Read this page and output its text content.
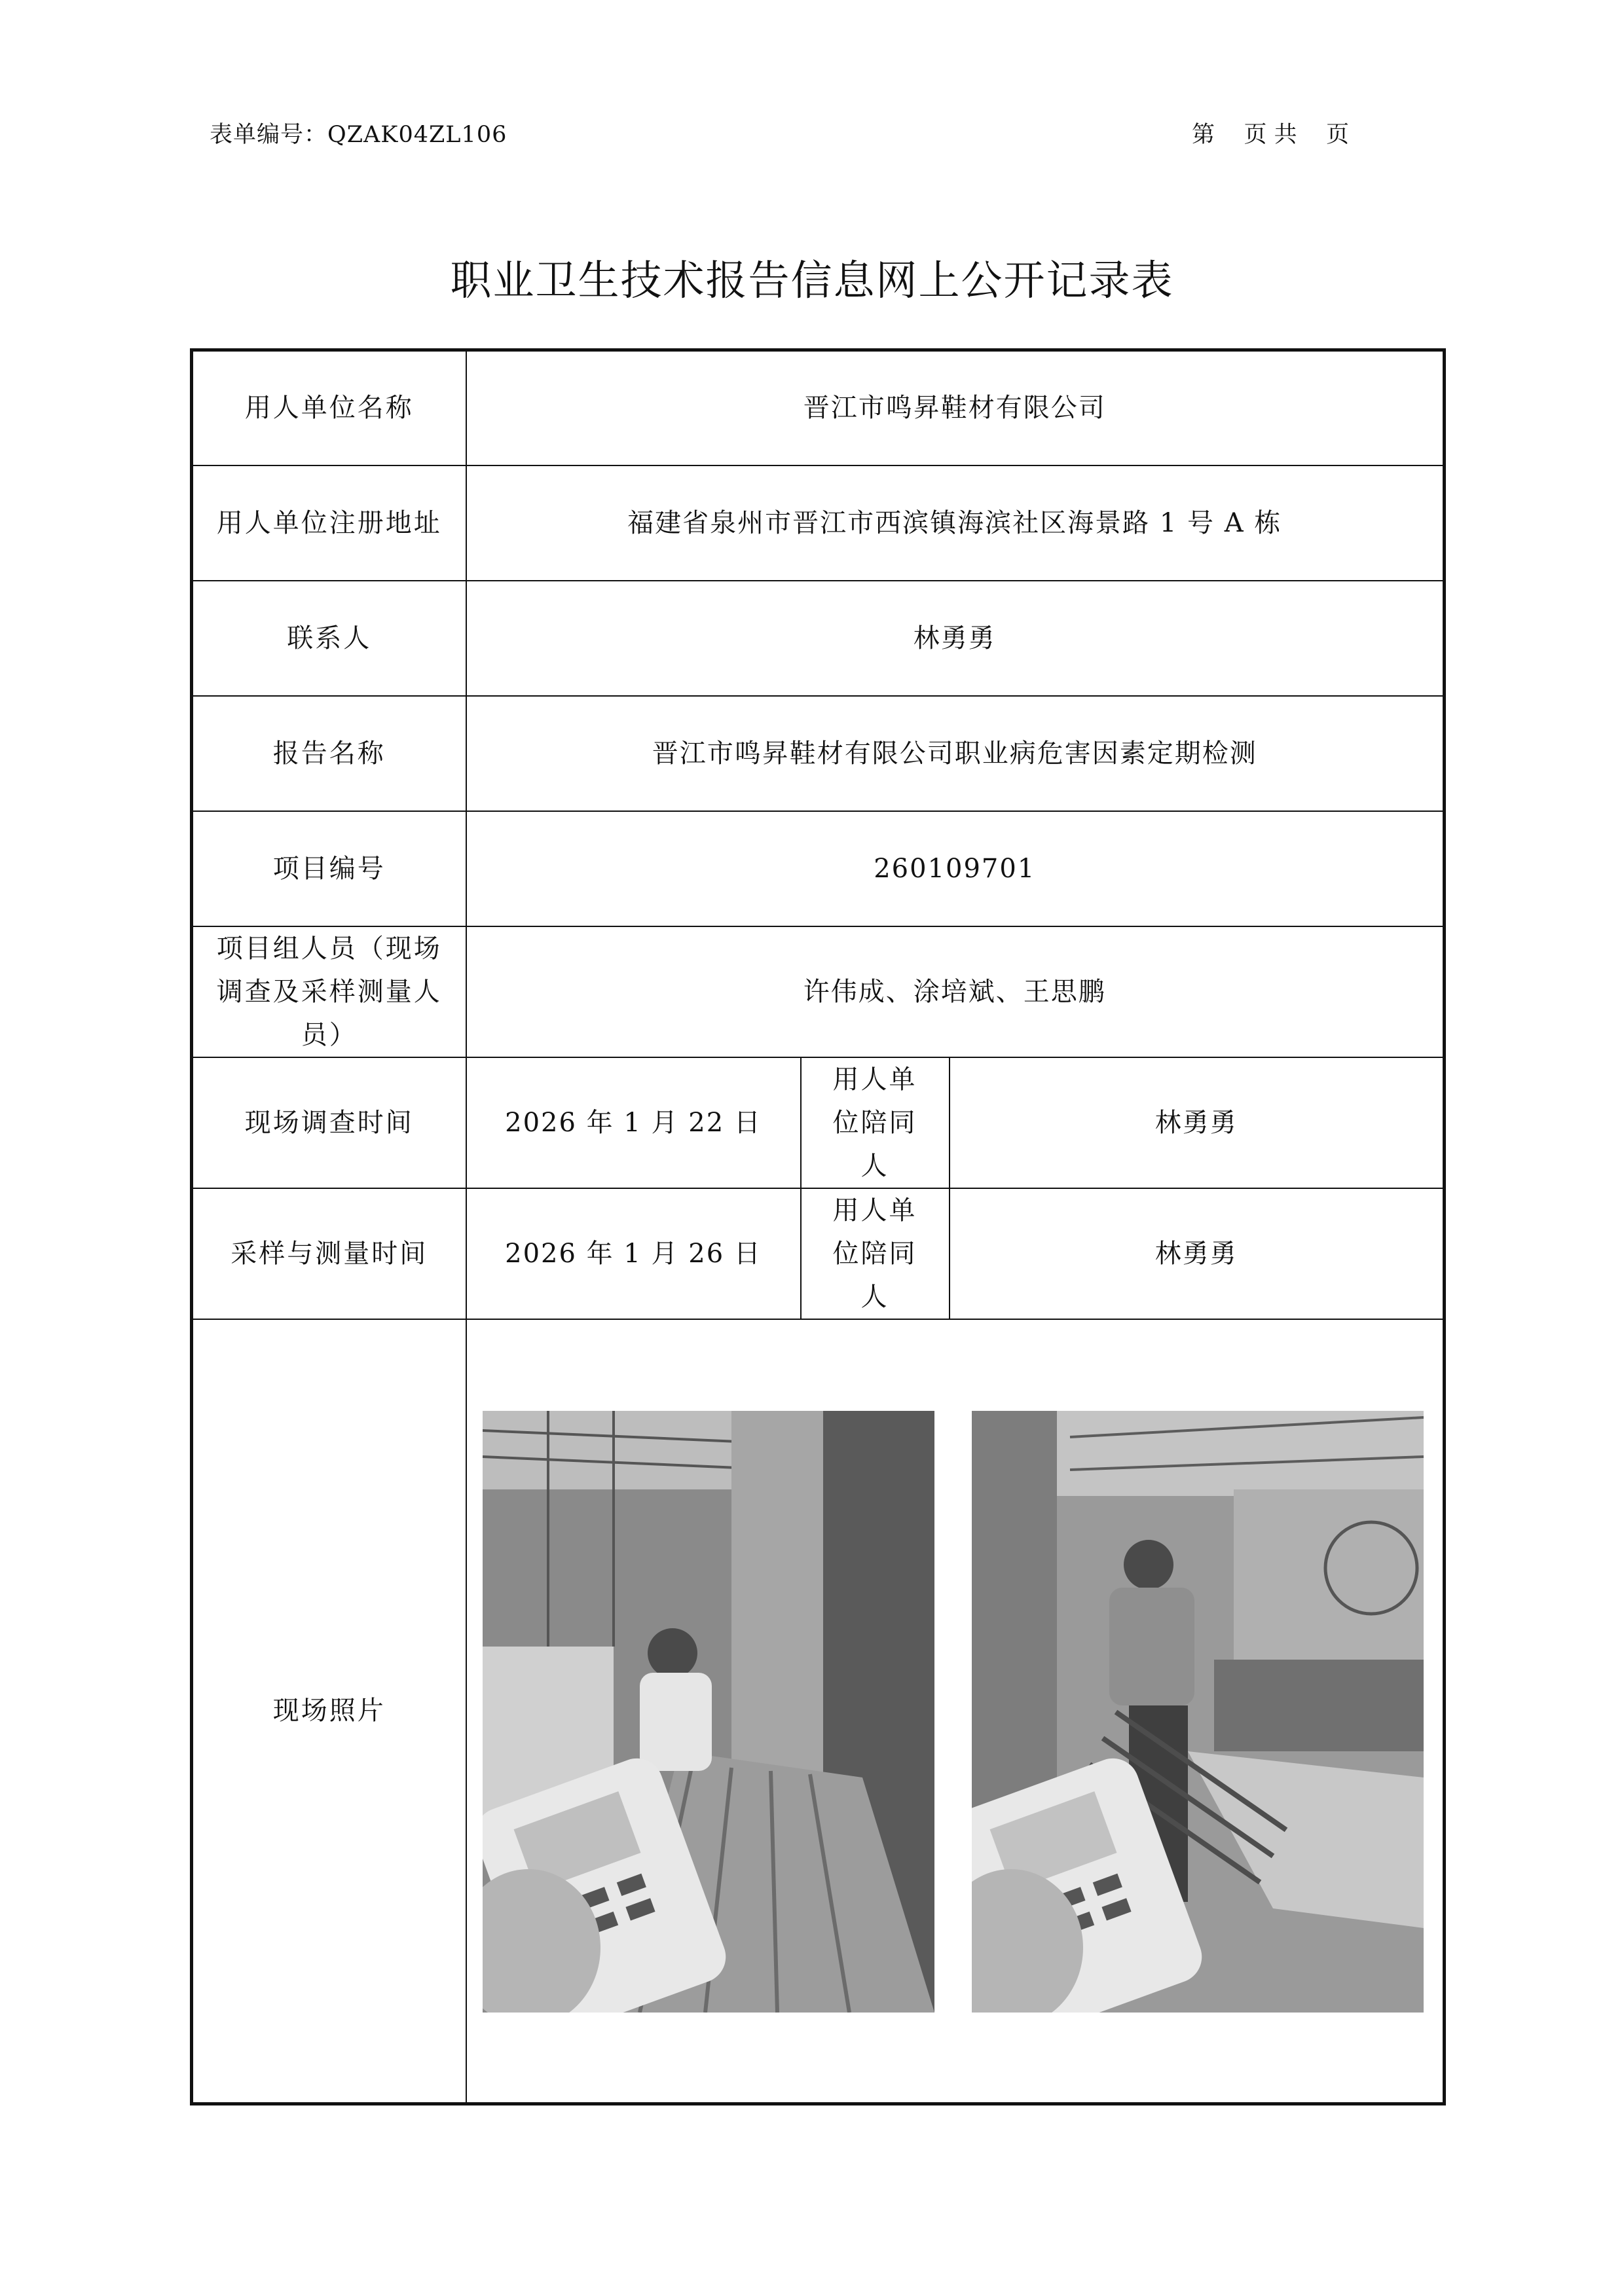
表单编号：QZAK04ZL106	第    页 共    页
职业卫生技术报告信息网上公开记录表
用人单位名称	晋江市鸣昇鞋材有限公司		
用人单位注册地址	福建省泉州市晋江市西滨镇海滨社区海景路 1 号 A 栋		
联系人	林勇勇		
报告名称	晋江市鸣昇鞋材有限公司职业病危害因素定期检测		
项目编号	260109701		
项目组人员（现场调查及采样测量人员）	许伟成、涂培斌、王思鹏		
现场调查时间	2026 年 1 月 22 日	用人单位陪同人	林勇勇
采样与测量时间	2026 年 1 月 26 日	用人单位陪同人	林勇勇
现场照片	
